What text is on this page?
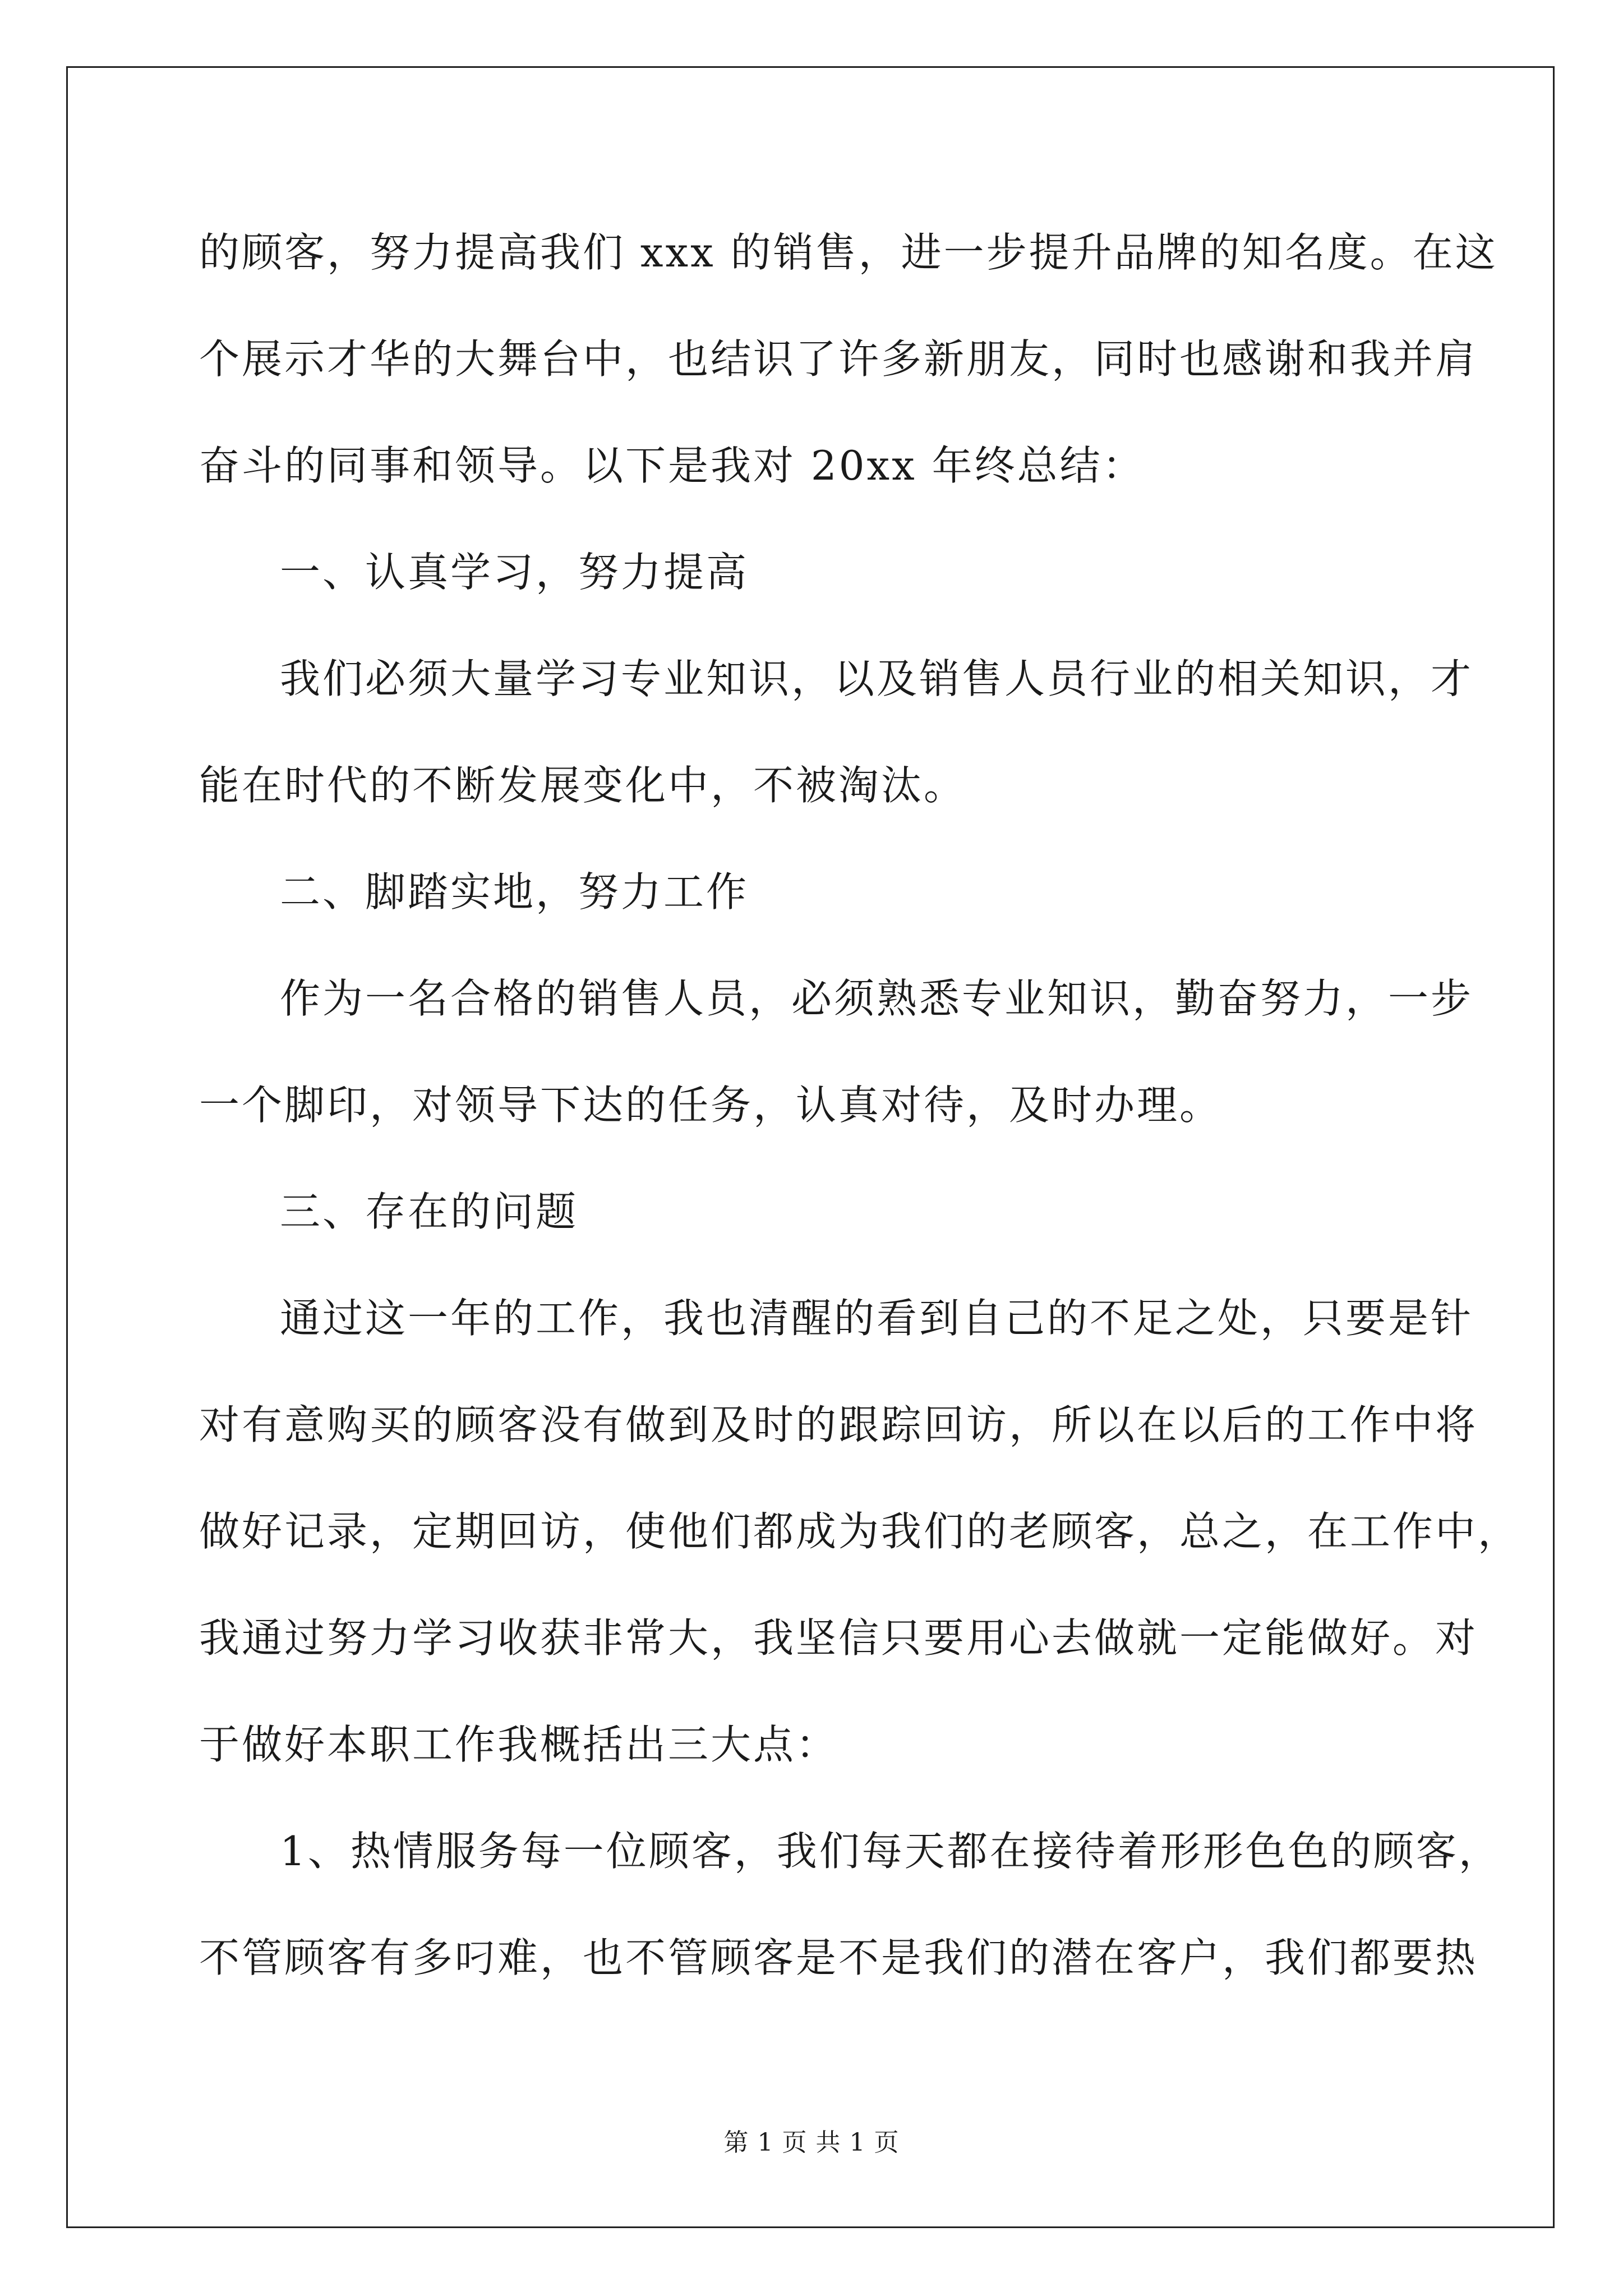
的顾客，努力提高我们 xxx 的销售，进一步提升品牌的知名度。在这
个展示才华的大舞台中，也结识了许多新朋友，同时也感谢和我并肩
奋斗的同事和领导。以下是我对 20xx 年终总结：
一、认真学习，努力提高
我们必须大量学习专业知识，以及销售人员行业的相关知识，才
能在时代的不断发展变化中，不被淘汰。
二、脚踏实地，努力工作
作为一名合格的销售人员，必须熟悉专业知识，勤奋努力，一步
一个脚印，对领导下达的任务，认真对待，及时办理。
三、存在的问题
通过这一年的工作，我也清醒的看到自己的不足之处，只要是针
对有意购买的顾客没有做到及时的跟踪回访，所以在以后的工作中将
做好记录，定期回访，使他们都成为我们的老顾客，总之，在工作中，
我通过努力学习收获非常大，我坚信只要用心去做就一定能做好。对
于做好本职工作我概括出三大点：
1、热情服务每一位顾客，我们每天都在接待着形形色色的顾客，
不管顾客有多叼难，也不管顾客是不是我们的潜在客户，我们都要热
第 1 页 共 1 页
